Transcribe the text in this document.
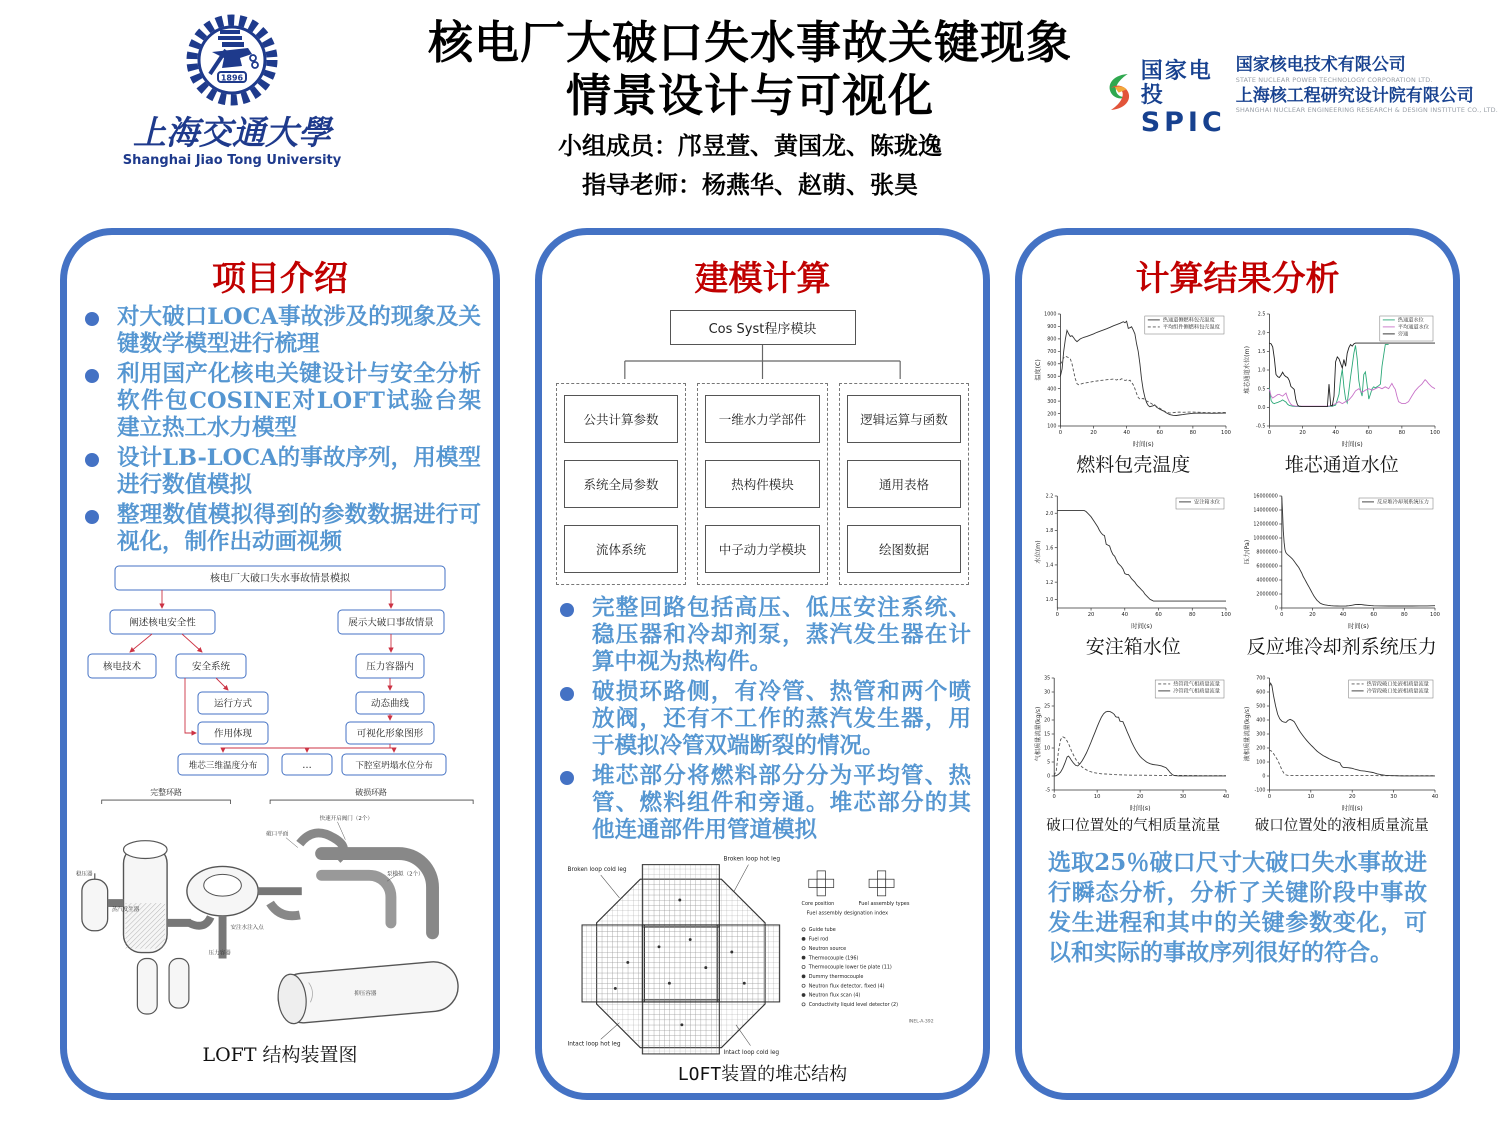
1896
上海交通大學
Shanghai Jiao Tong University
核电厂大破口失水事故关键现象
情景设计与可视化
小组成员：邝昱萱、黄国龙、陈珑逸
指导老师：杨燕华、赵萌、张昊
国家电投
SPIC
国家核电技术有限公司
STATE NUCLEAR POWER TECHNOLOGY CORPORATION LTD.
上海核工程研究设计院有限公司
SHANGHAI NUCLEAR ENGINEERING RESEARCH & DESIGN INSTITUTE CO., LTD.
项目介绍
对大破口LOCA事故涉及的现象及关键数学模型进行梳理
利用国产化核电关键设计与安全分析软件包COSINE对LOFT试验台架建立热工水力模型
设计LB-LOCA的事故序列，用模型进行数值模拟
整理数值模拟得到的参数数据进行可视化，制作出动画视频
核电厂大破口失水事故情景模拟
阐述核电安全性	展示大破口事故情景
核电技术	安全系统	压力容器内
运行方式	动态曲线
作用体现	可视化形象图形
堆芯三维温度分布	…	下腔室坍塌水位分布
完整环路	破损环路
蒸汽发生器
稳压器
压力容器
抑压容器
破口平面
快速开启阀门（2个）
泵模拟（2个）
安注水注入点
LOFT 结构装置图
建模计算
Cos Syst程序模块
公共计算参数
系统全局参数
流体系统
一维水力学部件
热构件模块
中子动力学模块
逻辑运算与函数
通用表格
绘图数据
完整回路包括高压、低压安注系统、稳压器和冷却剂泵，蒸汽发生器在计算中视为热构件。
破损环路侧，有冷管、热管和两个喷放阀，还有不工作的蒸汽发生器，用于模拟冷管双端断裂的情况。
堆芯部分将燃料部分分为平均管、热管、燃料组件和旁通。堆芯部分的其他连通部件用管道模拟
Broken loop cold leg
Broken loop hot leg
Intact loop hot leg
Intact loop cold leg
Core position	Fuel assembly types
Fuel assembly designation index
Guide tube
Fuel rod
Neutron source
Thermocouple (196)
Thermocouple lower tie plate (11)
Dummy thermocouple
Neutron flux detector, fixed (4)
Neutron flux scan (4)
Conductivity liquid level detector (2)
INEL-A-392
LOFT装置的堆芯结构
计算结果分析
100
200
300
400
500
600
700
800
900
1000
0	20	40	60	80	100
时间(s)
温度(C)
热通道侧燃料包壳温度
平均组件侧燃料包壳温度
燃料包壳温度
-0.5
0.0
0.5
1.0
1.5
2.0
2.5
0	20	40	60	80	100
时间(s)
堆芯通道水位(m)
热通道水位
平均通道水位
旁通
堆芯通道水位
1.0
1.2
1.4
1.6
1.8
2.0
2.2
0	20	40	60	80	100
时间(s)
水位(m)
安注箱水位
安注箱水位
0
2000000
4000000
6000000
8000000
10000000
12000000
14000000
16000000
0	20	40	60	80	100
时间(s)
压力(Pa)
反应堆冷却剂系统压力
反应堆冷却剂系统压力
-5
0
5
10
15
20
25
30
35
0	10	20	30	40
时间(s)
气相质量流量(kg/s)
热管段气相质量流量
冷管段气相质量流量
破口位置处的气相质量流量
-100
0
100
200
300
400
500
600
700
0	10	20	30	40
时间(s)
液相质量流量(kg/s)
热管段破口处液相质量流量
冷管段破口处液相质量流量
破口位置处的液相质量流量
选取25％破口尺寸大破口失水事故进行瞬态分析，分析了关键阶段中事故发生进程和其中的关键参数变化，可以和实际的事故序列很好的符合。
